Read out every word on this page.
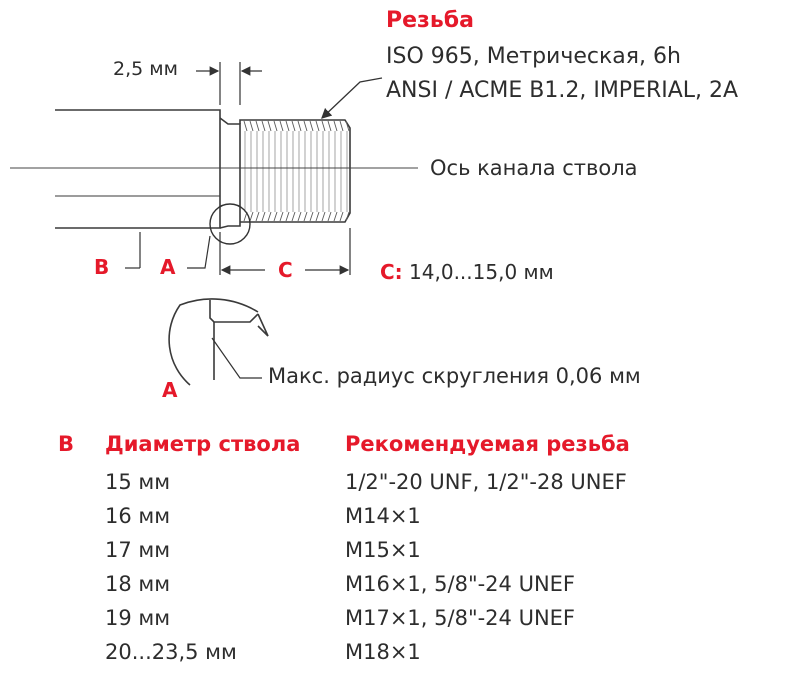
Резьба
ISO 965, Метрическая, 6h
ANSI / ACME B1.2, IMPERIAL, 2A
2,5 мм
Ось канала ствола
B	A	C	C: 14,0...15,0 мм
A
Макс. радиус скругления 0,06 мм
B Диаметр ствола Рекомендуемая резьба
15 мм	1/2"-20 UNF, 1/2"-28 UNEF
16 мм	M14×1
17 мм	M15×1
18 мм	M16×1, 5/8"-24 UNEF
19 мм	M17×1, 5/8"-24 UNEF
20...23,5 мм	M18×1
